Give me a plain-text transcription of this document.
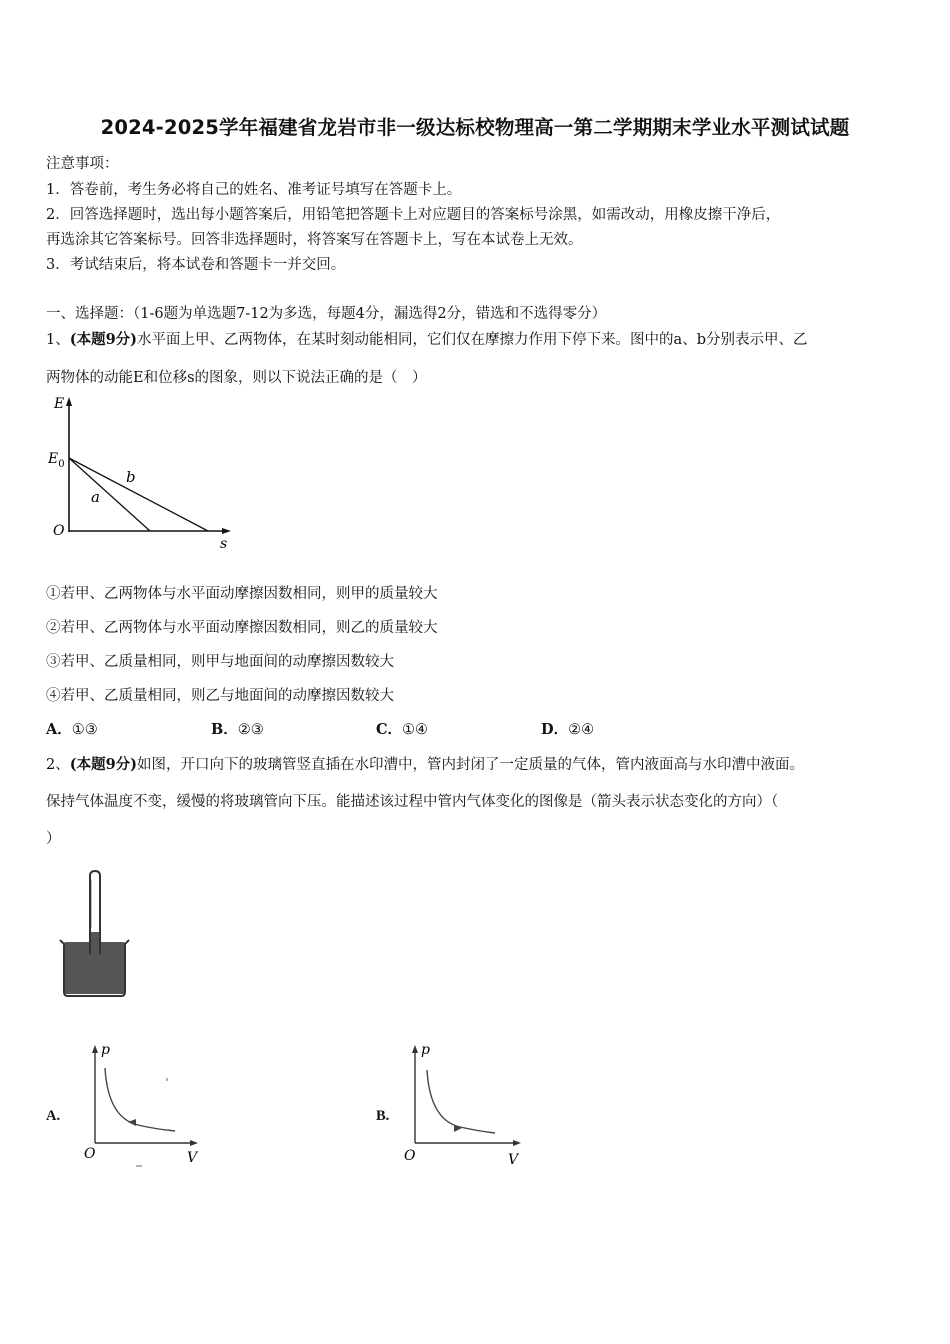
2024-2025学年福建省龙岩市非一级达标校物理高一第二学期期末学业水平测试试题
注意事项：
1．答卷前，考生务必将自己的姓名、准考证号填写在答题卡上。
2．回答选择题时，选出每小题答案后，用铅笔把答题卡上对应题目的答案标号涂黑，如需改动，用橡皮擦干净后，
再选涂其它答案标号。回答非选择题时，将答案写在答题卡上，写在本试卷上无效。
3．考试结束后，将本试卷和答题卡一并交回。
一、选择题：（1-6题为单选题7-12为多选，每题4分，漏选得2分，错选和不选得零分）
1、(本题9分)水平面上甲、乙两物体，在某时刻动能相同，它们仅在摩擦力作用下停下来。图中的a、b分别表示甲、乙
两物体的动能E和位移s的图象，则以下说法正确的是（　）
E
s
$E_0$
O
a
b
①若甲、乙两物体与水平面动摩擦因数相同，则甲的质量较大
②若甲、乙两物体与水平面动摩擦因数相同，则乙的质量较大
③若甲、乙质量相同，则甲与地面间的动摩擦因数较大
④若甲、乙质量相同，则乙与地面间的动摩擦因数较大
A．①③	B．②③	C．①④	D．②④
2、(本题9分)如图，开口向下的玻璃管竖直插在水印漕中，管内封闭了一定质量的气体，管内液面高与水印漕中液面。
保持气体温度不变，缓慢的将玻璃管向下压。能描述该过程中管内气体变化的图像是（箭头表示状态变化的方向）（
）
A.
p
V
O
B.
p
V
O
